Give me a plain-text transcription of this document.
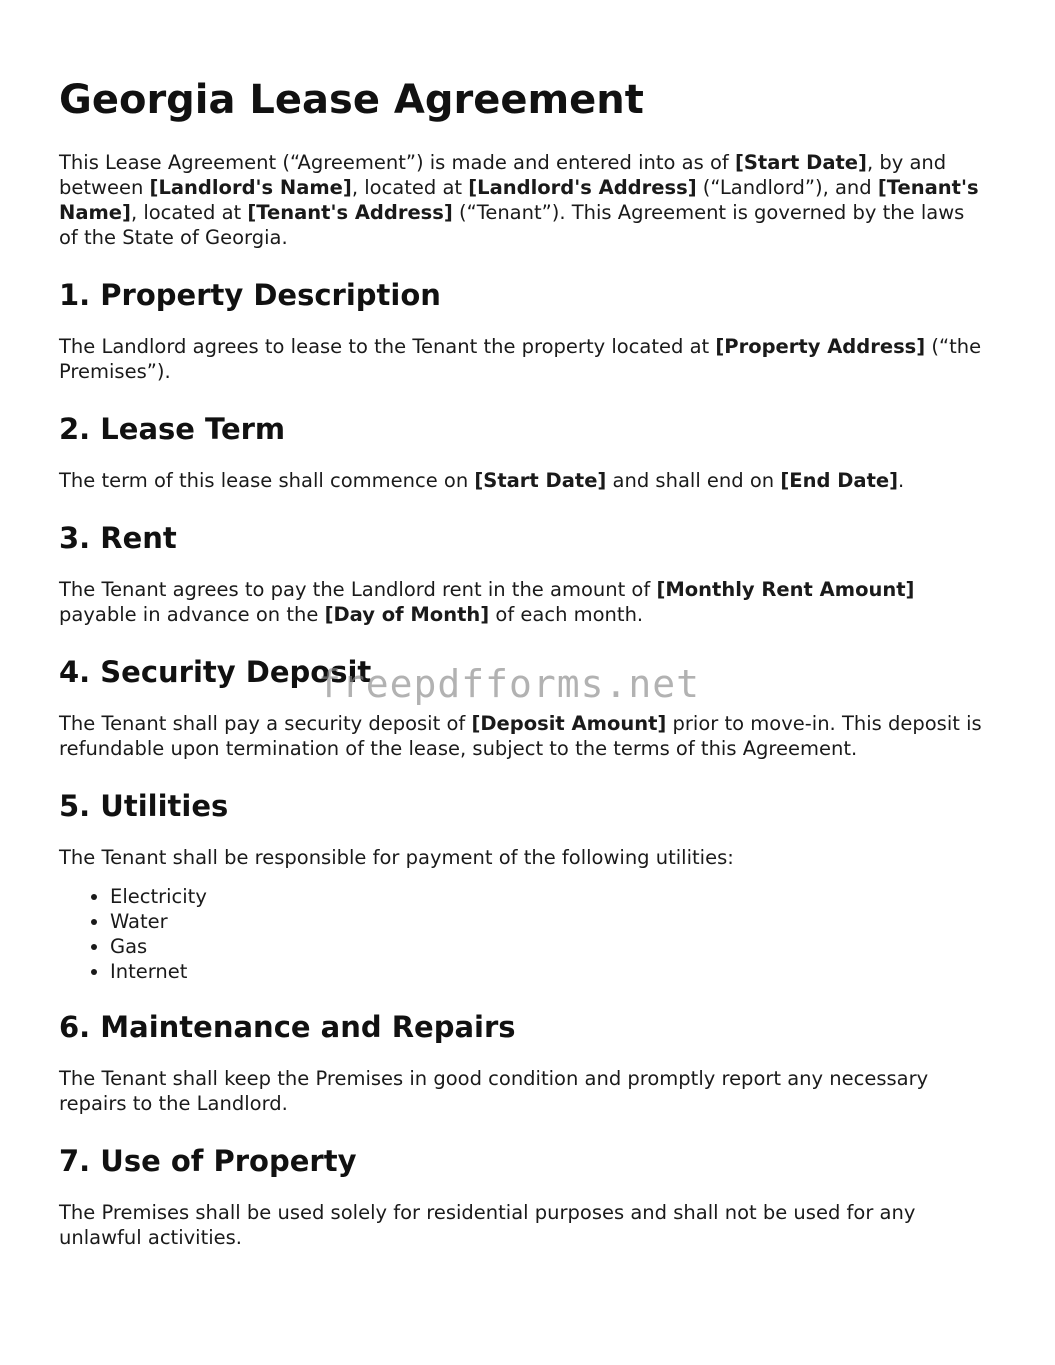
Georgia Lease Agreement

This Lease Agreement (“Agreement”) is made and entered into as of [Start Date], by and between [Landlord's Name], located at [Landlord's Address] (“Landlord”), and [Tenant's Name], located at [Tenant's Address] (“Tenant”). This Agreement is governed by the laws of the State of Georgia.

1. Property Description

The Landlord agrees to lease to the Tenant the property located at [Property Address] (“the Premises”).

2. Lease Term

The term of this lease shall commence on [Start Date] and shall end on [End Date].

3. Rent

The Tenant agrees to pay the Landlord rent in the amount of [Monthly Rent Amount] payable in advance on the [Day of Month] of each month.

4. Security Deposit

The Tenant shall pay a security deposit of [Deposit Amount] prior to move-in. This deposit is refundable upon termination of the lease, subject to the terms of this Agreement.

5. Utilities

The Tenant shall be responsible for payment of the following utilities:

• Electricity
• Water
• Gas
• Internet
6. Maintenance and Repairs

The Tenant shall keep the Premises in good condition and promptly report any necessary repairs to the Landlord.

7. Use of Property

The Premises shall be used solely for residential purposes and shall not be used for any unlawful activities.

freepdfforms.net
